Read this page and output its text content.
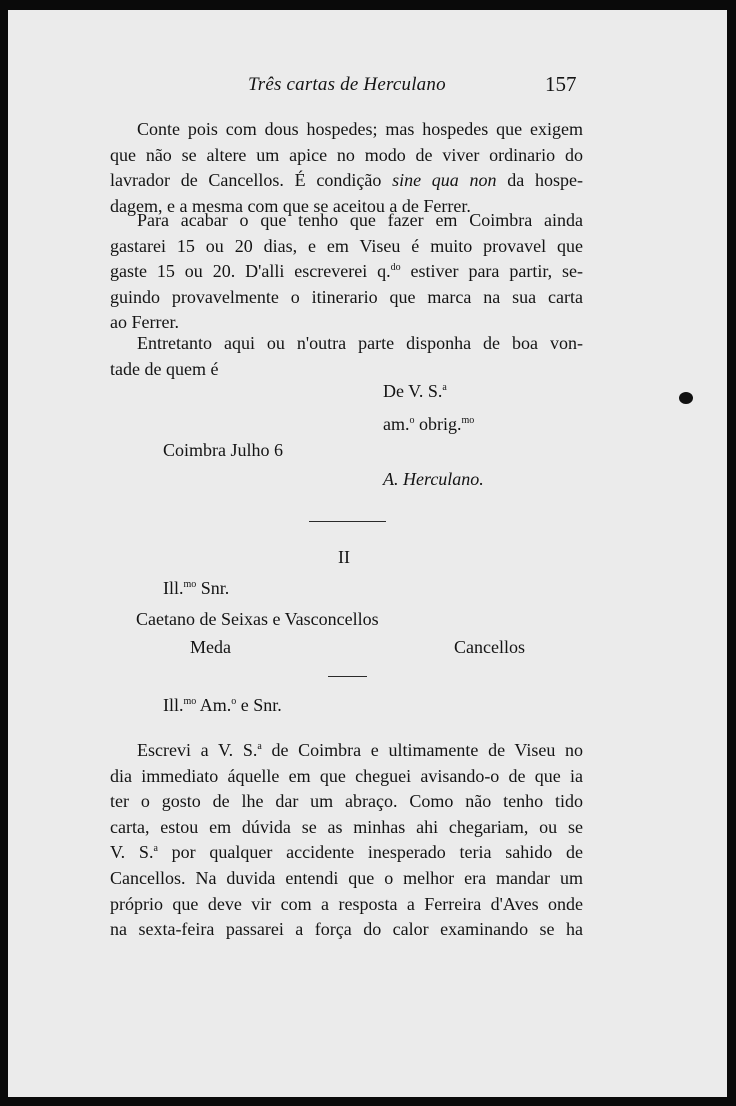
Três cartas de Herculano	157
Conte pois com dous hospedes; mas hospedes que exigem
que não se altere um apice no modo de viver ordinario do
lavrador de Cancellos. É condição sine qua non da hospe-
dagem, e a mesma com que se aceitou a de Ferrer.
Para acabar o que tenho que fazer em Coimbra ainda
gastarei 15 ou 20 dias, e em Viseu é muito provavel que
gaste 15 ou 20. D'alli escreverei q.$^{do}$ estiver para partir, se-
guindo provavelmente o itinerario que marca na sua carta
ao Ferrer.
Entretanto aqui ou n'outra parte disponha de boa von-
tade de quem é
De V. S.$^a$
am.$^o$ obrig.$^{mo}$
Coimbra Julho 6
A. Herculano.
II
Ill.$^{mo}$ Snr.
Caetano de Seixas e Vasconcellos
Meda	Cancellos
Ill.$^{mo}$ Am.$^o$ e Snr.
Escrevi a V. S.$^a$ de Coimbra e ultimamente de Viseu no
dia immediato áquelle em que cheguei avisando-o de que ia
ter o gosto de lhe dar um abraço. Como não tenho tido
carta, estou em dúvida se as minhas ahi chegariam, ou se
V. S.$^a$ por qualquer accidente inesperado teria sahido de
Cancellos. Na duvida entendi que o melhor era mandar um
próprio que deve vir com a resposta a Ferreira d'Aves onde
na sexta-feira passarei a força do calor examinando se ha
